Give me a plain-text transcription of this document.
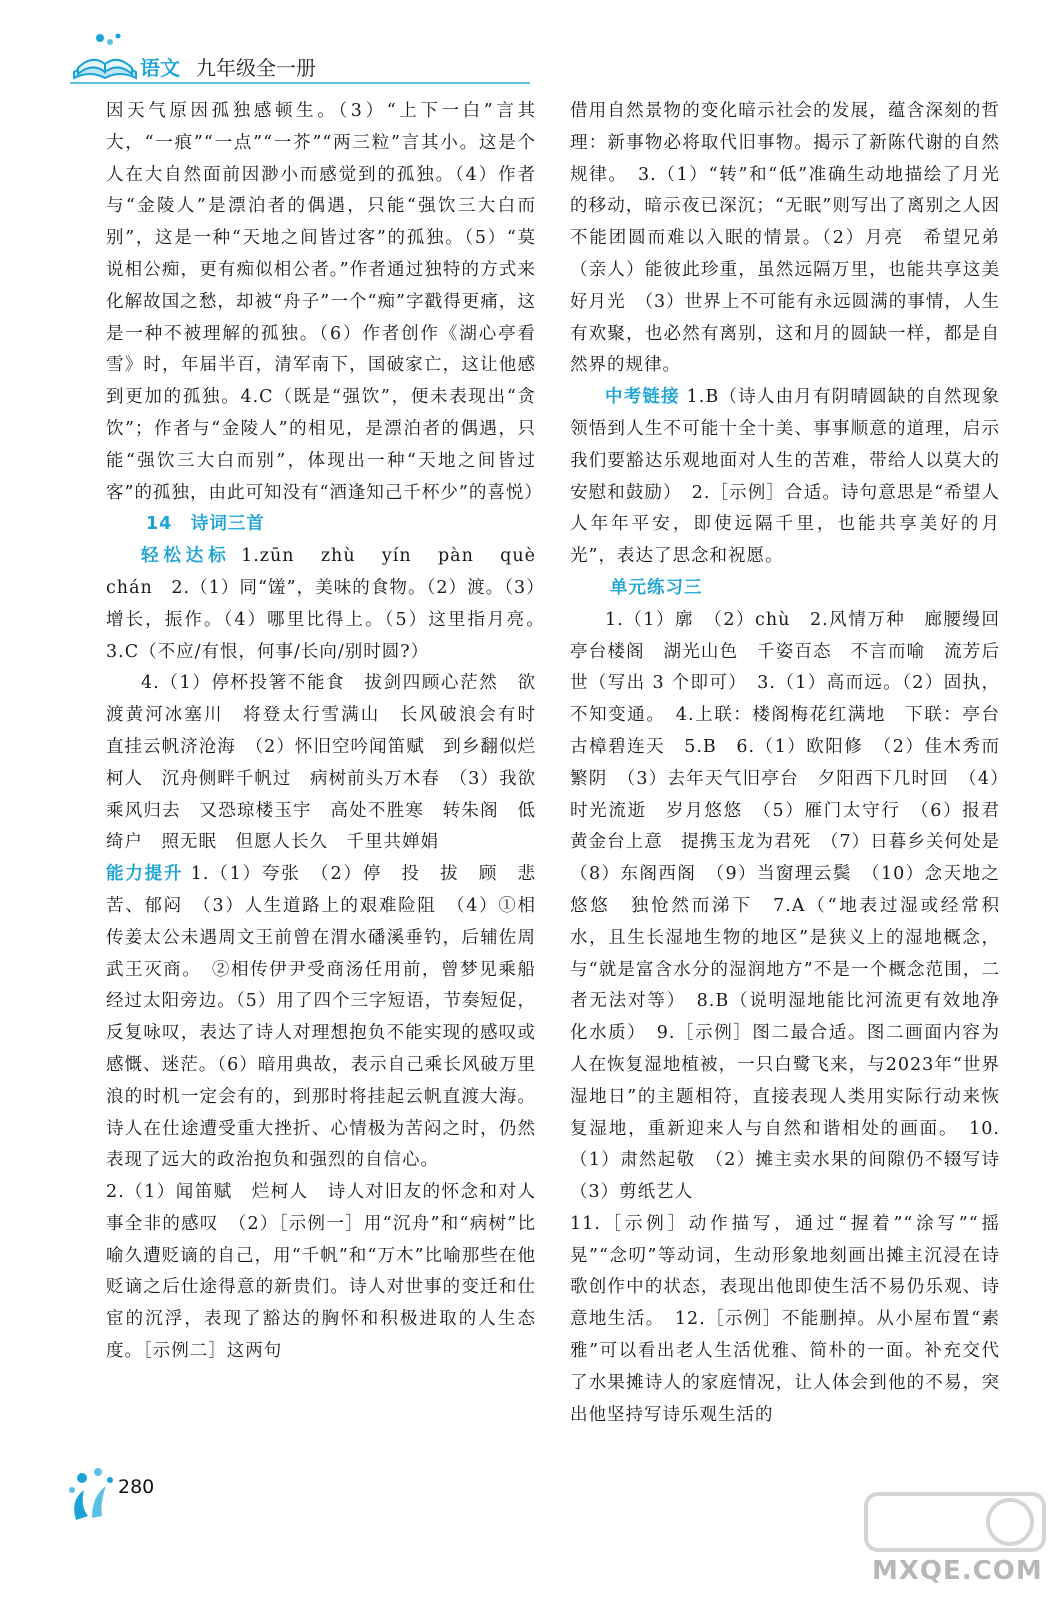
语文 九年级全一册

因天气原因孤独感顿生。（3）“上下一白”言其大，“一痕”“一点”“一芥”“两三粒”言其小。这是个人在大自然面前因渺小而感觉到的孤独。（4）作者与“金陵人”是漂泊者的偶遇，只能“强饮三大白而别”，这是一种“天地之间皆过客”的孤独。（5）“莫说相公痴，更有痴似相公者。”作者通过独特的方式来化解故国之愁，却被“舟子”一个“痴”字戳得更痛，这是一种不被理解的孤独。（6）作者创作《湖心亭看雪》时，年届半百，清军南下，国破家亡，这让他感到更加的孤独。4.C（既是“强饮”，便未表现出“贪饮”；作者与“金陵人”的相见，是漂泊者的偶遇，只能“强饮三大白而别”，体现出一种“天地之间皆过客”的孤独，由此可知没有“酒逢知己千杯少”的喜悦）

14　诗词三首

轻松达标 1.zūn　zhù　yín　pàn　què　chán　2.（1）同“馐”，美味的食物。（2）渡。（3）增长，振作。（4）哪里比得上。（5）这里指月亮。　3.C（不应/有恨，何事/长向/别时圆?）

4.（1）停杯投箸不能食　拔剑四顾心茫然　欲渡黄河冰塞川　将登太行雪满山　长风破浪会有时　直挂云帆济沧海　（2）怀旧空吟闻笛赋　到乡翻似烂柯人　沉舟侧畔千帆过　病树前头万木春　（3）我欲乘风归去　又恐琼楼玉宇　高处不胜寒　转朱阁　低绮户　照无眠　但愿人长久　千里共婵娟

能力提升 1.（1）夸张　（2）停　投　拔　顾　悲苦、郁闷　（3）人生道路上的艰难险阻　（4）①相传姜太公未遇周文王前曾在渭水磻溪垂钓，后辅佐周武王灭商。　②相传伊尹受商汤任用前，曾梦见乘船经过太阳旁边。（5）用了四个三字短语，节奏短促，反复咏叹，表达了诗人对理想抱负不能实现的感叹或感慨、迷茫。（6）暗用典故，表示自己乘长风破万里浪的时机一定会有的，到那时将挂起云帆直渡大海。诗人在仕途遭受重大挫折、心情极为苦闷之时，仍然表现了远大的政治抱负和强烈的自信心。

2.（1）闻笛赋　烂柯人　诗人对旧友的怀念和对人事全非的感叹　（2）［示例一］用“沉舟”和“病树”比喻久遭贬谪的自己，用“千帆”和“万木”比喻那些在他贬谪之后仕途得意的新贵们。诗人对世事的变迁和仕宦的沉浮，表现了豁达的胸怀和积极进取的人生态度。［示例二］这两句

借用自然景物的变化暗示社会的发展，蕴含深刻的哲理：新事物必将取代旧事物。揭示了新陈代谢的自然规律。　3.（1）“转”和“低”准确生动地描绘了月光的移动，暗示夜已深沉；“无眠”则写出了离别之人因不能团圆而难以入眠的情景。（2）月亮　希望兄弟（亲人）能彼此珍重，虽然远隔万里，也能共享这美好月光　（3）世界上不可能有永远圆满的事情，人生有欢聚，也必然有离别，这和月的圆缺一样，都是自然界的规律。

中考链接 1.B（诗人由月有阴晴圆缺的自然现象领悟到人生不可能十全十美、事事顺意的道理，启示我们要豁达乐观地面对人生的苦难，带给人以莫大的安慰和鼓励）　2.［示例］合适。诗句意思是“希望人人年年平安，即使远隔千里，也能共享美好的月光”，表达了思念和祝愿。

单元练习三

1.（1）廓　（2）chù　2.风情万种　廊腰缦回　亭台楼阁　湖光山色　千姿百态　不言而喻　流芳后世（写出 3 个即可）　3.（1）高而远。（2）固执，不知变通。　4.上联：楼阁梅花红满地　下联：亭台古樟碧连天　5.B　6.（1）欧阳修　（2）佳木秀而繁阴　（3）去年天气旧亭台　夕阳西下几时回　（4）时光流逝　岁月悠悠　（5）雁门太守行　（6）报君黄金台上意　提携玉龙为君死　（7）日暮乡关何处是　（8）东阁西阁　（9）当窗理云鬓　（10）念天地之悠悠　独怆然而涕下　7.A（“地表过湿或经常积水，且生长湿地生物的地区”是狭义上的湿地概念，与“就是富含水分的湿润地方”不是一个概念范围，二者无法对等）　8.B（说明湿地能比河流更有效地净化水质）　9.［示例］图二最合适。图二画面内容为人在恢复湿地植被，一只白鹭飞来，与2023年“世界湿地日”的主题相符，直接表现人类用实际行动来恢复湿地，重新迎来人与自然和谐相处的画面。　10.（1）肃然起敬　（2）摊主卖水果的间隙仍不辍写诗　（3）剪纸艺人

11.［示例］动作描写，通过“握着”“涂写”“摇晃”“念叨”等动词，生动形象地刻画出摊主沉浸在诗歌创作中的状态，表现出他即使生活不易仍乐观、诗意地生活。　12.［示例］不能删掉。从小屋布置“素雅”可以看出老人生活优雅、简朴的一面。补充交代了水果摊诗人的家庭情况，让人体会到他的不易，突出他坚持写诗乐观生活的

280
MXQE.COM
